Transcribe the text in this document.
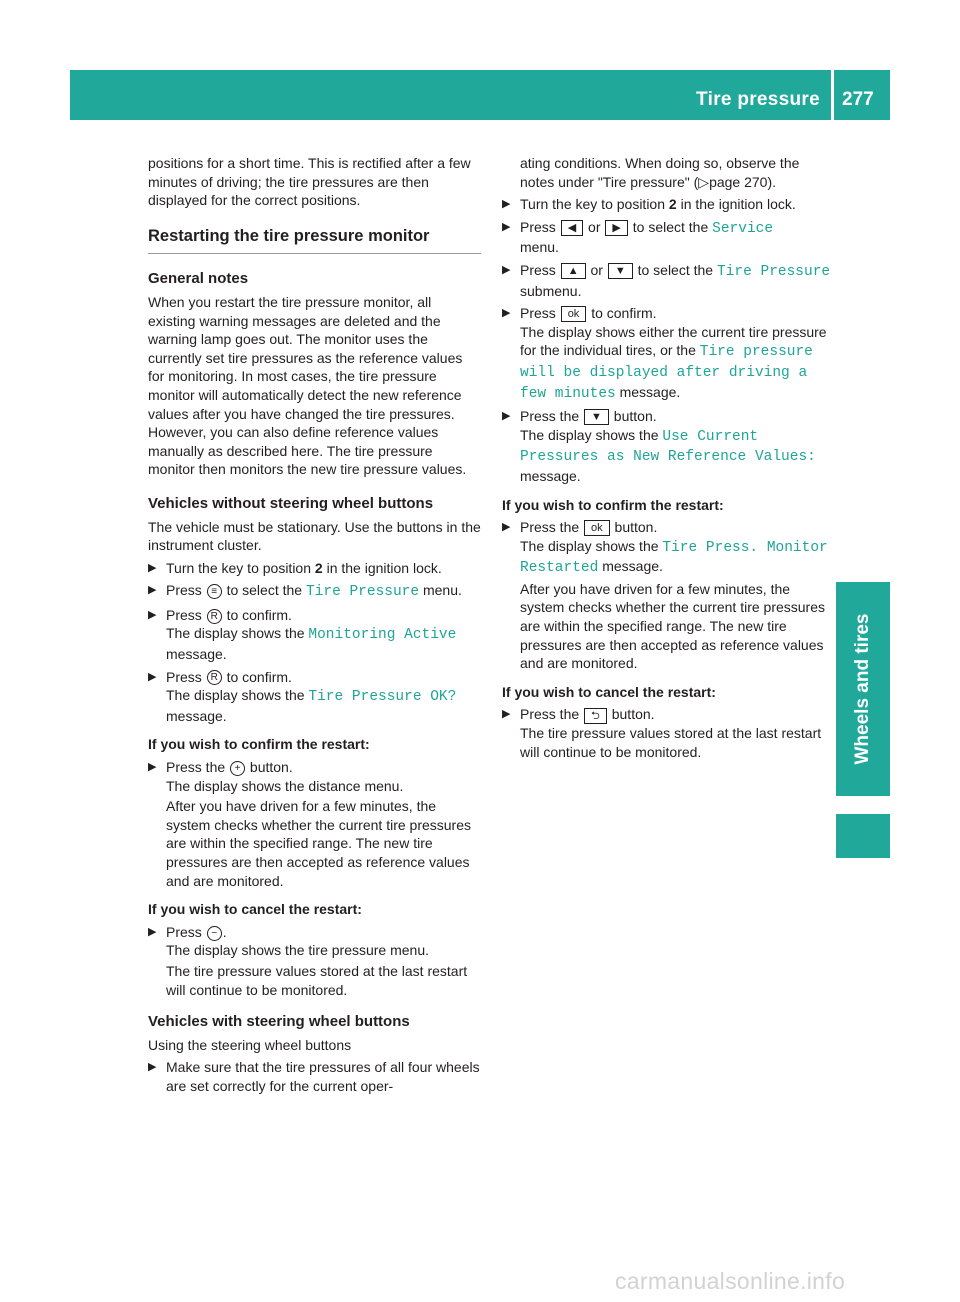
Tire pressure 277
Wheels and tires

positions for a short time. This is rectified after a few minutes of driving; the tire pressures are then displayed for the correct positions.

Restarting the tire pressure monitor
General notes

When you restart the tire pressure monitor, all existing warning messages are deleted and the warning lamp goes out. The monitor uses the currently set tire pressures as the reference values for monitoring. In most cases, the tire pressure monitor will automatically detect the new reference values after you have changed the tire pressures. However, you can also define reference values manually as described here. The tire pressure monitor then monitors the new tire pressure values.

Vehicles without steering wheel buttons

The vehicle must be stationary. Use the buttons in the instrument cluster.

▶ Turn the key to position 2 in the ignition lock.
▶ Press ≡ to select the Tire Pressure menu.
▶ Press R to confirm.
The display shows the Monitoring Active
message.
▶ Press R to confirm.
The display shows the Tire Pressure OK?
message.
If you wish to confirm the restart:
▶ Press the + button.
The display shows the distance menu.

After you have driven for a few minutes, the system checks whether the current tire pressures are within the specified range. The new tire pressures are then accepted as reference values and are monitored.

If you wish to cancel the restart:
▶ Press − .
The display shows the tire pressure menu.

The tire pressure values stored at the last restart will continue to be monitored.

Vehicles with steering wheel buttons

Using the steering wheel buttons

▶ Make sure that the tire pressures of all four wheels are set correctly for the current oper-

ating conditions. When doing so, observe the notes under "Tire pressure" (▷page 270).

▶ Turn the key to position 2 in the ignition lock.
▶ Press ◀ or ▶ to select the Service
menu.
▶ Press ▲ or ▼ to select the Tire Pressure submenu.
▶ Press ok to confirm.
The display shows either the current tire pressure for the individual tires, or the Tire pressure will be displayed after driving a few minutes message.
▶ Press the ▼ button.
The display shows the Use Current Pressures as New Reference Values: message.
If you wish to confirm the restart:
▶ Press the ok button.
The display shows the Tire Press. Monitor Restarted message.

After you have driven for a few minutes, the system checks whether the current tire pressures are within the specified range. The new tire pressures are then accepted as reference values and are monitored.

If you wish to cancel the restart:
▶ Press the ⮌ button.
The tire pressure values stored at the last restart will continue to be monitored.
carmanualsonline.info
